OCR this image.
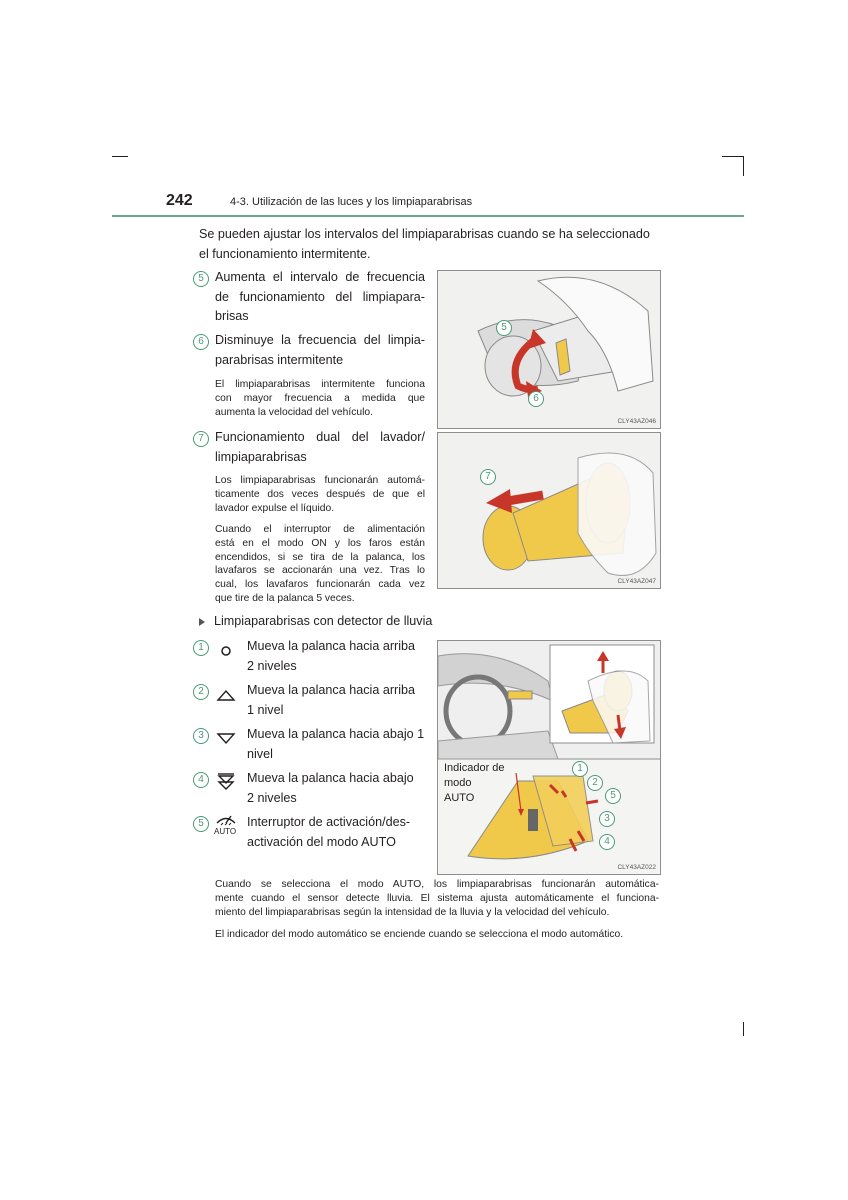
242	4-3. Utilización de las luces y los limpiaparabrisas
Se pueden ajustar los intervalos del limpiaparabrisas cuando se ha seleccionado el funcionamiento intermitente.
5 Aumenta el intervalo de frecuencia
de funcionamiento del limpiapara-
brisas
6 Disminuye la frecuencia del limpia-
parabrisas intermitente
El limpiaparabrisas intermitente funciona
con mayor frecuencia a medida que
aumenta la velocidad del vehículo.
7 Funcionamiento dual del lavador/
limpiaparabrisas
Los limpiaparabrisas funcionarán automá-
ticamente dos veces después de que el
lavador expulse el líquido.
Cuando el interruptor de alimentación
está en el modo ON y los faros están
encendidos, si se tira de la palanca, los
lavafaros se accionarán una vez. Tras lo
cual, los lavafaros funcionarán cada vez
que tire de la palanca 5 veces.
5
6
CLY43AZ046
7
CLY43AZ047
Limpiaparabrisas con detector de lluvia
1	Mueva la palanca hacia arriba
2 niveles
2	Mueva la palanca hacia arriba
1 nivel
3	Mueva la palanca hacia abajo 1
nivel
4	Mueva la palanca hacia abajo
2 niveles
5
AUTO
Interruptor de activación/des-
activación del modo AUTO
Indicador de
modo
AUTO
1
2
5
3
4
CLY43AZ022
Cuando se selecciona el modo AUTO, los limpiaparabrisas funcionarán automática-
mente cuando el sensor detecte lluvia. El sistema ajusta automáticamente el funciona-
miento del limpiaparabrisas según la intensidad de la lluvia y la velocidad del vehículo.
El indicador del modo automático se enciende cuando se selecciona el modo automático.
